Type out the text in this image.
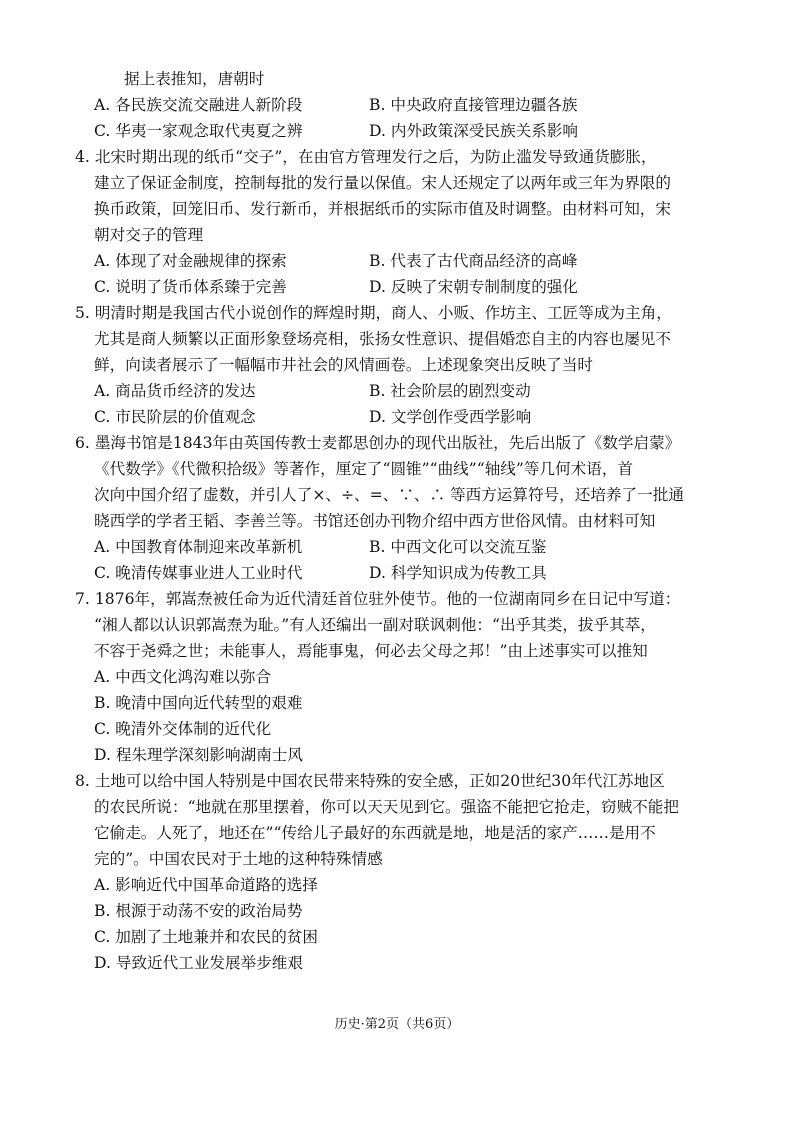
据上表推知，唐朝时
A. 各民族交流交融进人新阶段	B. 中央政府直接管理边疆各族
C. 华夷一家观念取代夷夏之辨	D. 内外政策深受民族关系影响
4. 北宋时期出现的纸币“交子”，在由官方管理发行之后，为防止滥发导致通货膨胀，
建立了保证金制度，控制每批的发行量以保值。宋人还规定了以两年或三年为界限的
换币政策，回笼旧币、发行新币，并根据纸币的实际市值及时调整。由材料可知，宋
朝对交子的管理
A. 体现了对金融规律的探索	B. 代表了古代商品经济的高峰
C. 说明了货币体系臻于完善	D. 反映了宋朝专制制度的强化
5. 明清时期是我国古代小说创作的辉煌时期，商人、小贩、作坊主、工匠等成为主角，
尤其是商人频繁以正面形象登场亮相，张扬女性意识、提倡婚恋自主的内容也屡见不
鲜，向读者展示了一幅幅市井社会的风情画卷。上述现象突出反映了当时
A. 商品货币经济的发达	B. 社会阶层的剧烈变动
C. 市民阶层的价值观念	D. 文学创作受西学影响
6. 墨海书馆是1843年由英国传教士麦都思创办的现代出版社，先后出版了《数学启蒙》
《代数学》《代微积拾级》等著作，厘定了“圆锥”“曲线”“轴线”等几何术语，首
次向中国介绍了虚数，并引人了×、÷、=、∵、∴ 等西方运算符号，还培养了一批通
晓西学的学者王韬、李善兰等。书馆还创办刊物介绍中西方世俗风情。由材料可知
A. 中国教育体制迎来改革新机	B. 中西文化可以交流互鉴
C. 晚清传媒事业进人工业时代	D. 科学知识成为传教工具
7. 1876年，郭嵩焘被任命为近代清廷首位驻外使节。他的一位湖南同乡在日记中写道：
“湘人都以认识郭嵩焘为耻。”有人还编出一副对联讽刺他：“出乎其类，拔乎其萃，
不容于尧舜之世；未能事人，焉能事鬼，何必去父母之邦！”由上述事实可以推知
A. 中西文化鸿沟难以弥合
B. 晚清中国向近代转型的艰难
C. 晚清外交体制的近代化
D. 程朱理学深刻影响湖南士风
8. 土地可以给中国人特别是中国农民带来特殊的安全感，正如20世纪30年代江苏地区
的农民所说：“地就在那里摆着，你可以天天见到它。强盗不能把它抢走，窃贼不能把
它偷走。人死了，地还在”“传给儿子最好的东西就是地，地是活的家产……是用不
完的”。中国农民对于土地的这种特殊情感
A. 影响近代中国革命道路的选择
B. 根源于动荡不安的政治局势
C. 加剧了土地兼并和农民的贫困
D. 导致近代工业发展举步维艰
历史·第2页（共6页）
